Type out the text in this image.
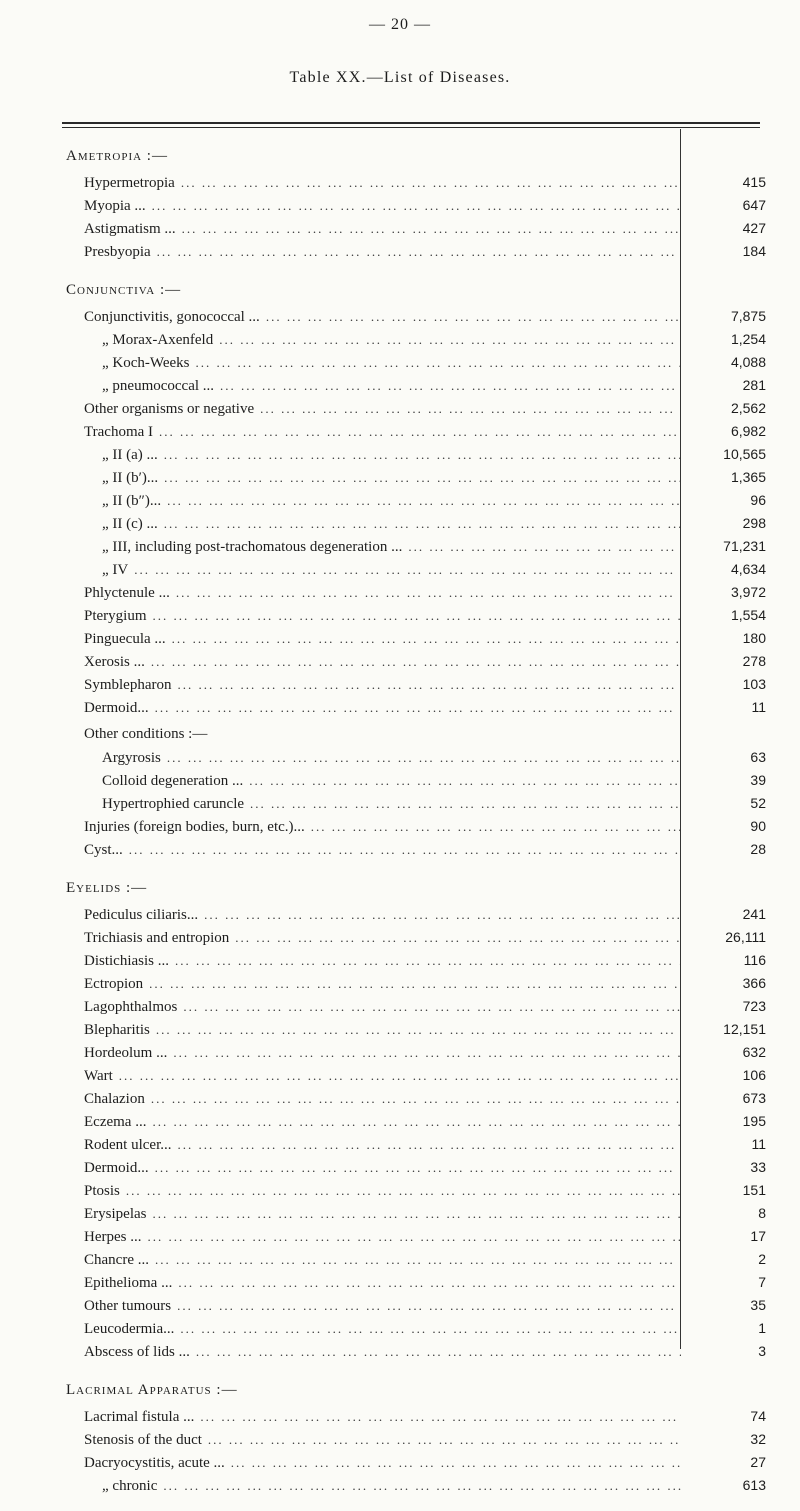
— 20 —
Table XX.—List of Diseases.
Ametropia :—
Hypermetropia ... .	415
Myopia ... ... .	647
Astigmatism ... ... .	427
Presbyopia ... .	184
Conjunctiva :—
Conjunctivitis, gonococcal ... ... .	7,875
„ Morax-Axenfeld ... .	1,254
„ Koch-Weeks ... .	4,088
„ pneumococcal ... ... .	281
Other organisms or negative ... .	2,562
Trachoma I ... .	6,982
„ II (a) ... ... .	10,565
„ II (b′)... ... .	1,365
„ II (b″)... ... .	96
„ II (c) ... ... .	298
„ III, including post-trachomatous degeneration ... ... .	71,231
„ IV ... .	4,634
Phlyctenule ... ... .	3,972
Pterygium ... .	1,554
Pinguecula ... ... .	180
Xerosis ... ... .	278
Symblepharon ... .	103
Dermoid... ... .	11
Other conditions :—
Argyrosis ... .	63
Colloid degeneration ... ... .	39
Hypertrophied caruncle ... .	52
Injuries (foreign bodies, burn, etc.)... ... .	90
Cyst... ... .	28
Eyelids :—
Pediculus ciliaris... ... .	241
Trichiasis and entropion ... .	26,111
Distichiasis ... ... .	116
Ectropion ... .	366
Lagophthalmos ... .	723
Blepharitis ... .	12,151
Hordeolum ... ... .	632
Wart ... .	106
Chalazion ... .	673
Eczema ... ... .	195
Rodent ulcer... ... .	11
Dermoid... ... .	33
Ptosis ... .	151
Erysipelas ... .	8
Herpes ... ... .	17
Chancre ... ... .	2
Epithelioma ... ... .	7
Other tumours ... .	35
Leucodermia... ... .	1
Abscess of lids ... ... .	3
Lacrimal Apparatus :—
Lacrimal fistula ... ... .	74
Stenosis of the duct ... .	32
Dacryocystitis, acute ... ... .	27
„ chronic ... .	613
